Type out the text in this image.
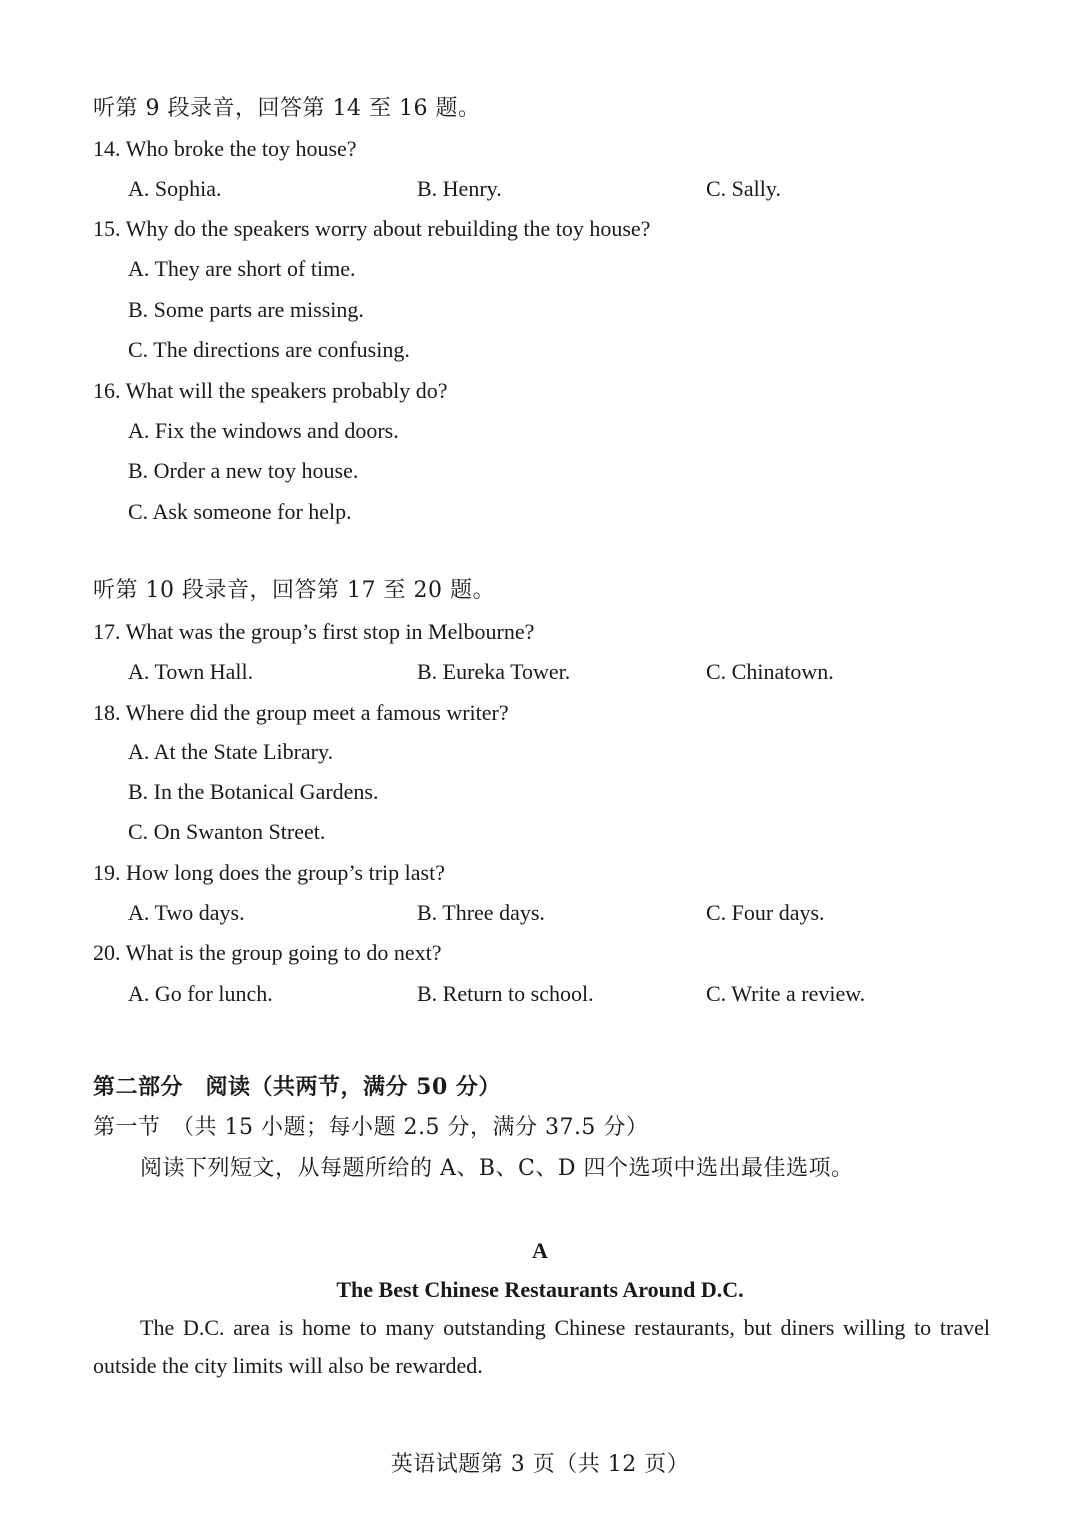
听第 9 段录音，回答第 14 至 16 题。
14. Who broke the toy house?
A. Sophia.	B. Henry.	C. Sally.
15. Why do the speakers worry about rebuilding the toy house?
A. They are short of time.
B. Some parts are missing.
C. The directions are confusing.
16. What will the speakers probably do?
A. Fix the windows and doors.
B. Order a new toy house.
C. Ask someone for help.
听第 10 段录音，回答第 17 至 20 题。
17. What was the group’s first stop in Melbourne?
A. Town Hall.	B. Eureka Tower.	C. Chinatown.
18. Where did the group meet a famous writer?
A. At the State Library.
B. In the Botanical Gardens.
C. On Swanton Street.
19. How long does the group’s trip last?
A. Two days.	B. Three days.	C. Four days.
20. What is the group going to do next?
A. Go for lunch.	B. Return to school.	C. Write a review.
第二部分　阅读（共两节，满分 50 分）
第一节　（共 15 小题；每小题 2.5 分，满分 37.5 分）
阅读下列短文，从每题所给的 A、B、C、D 四个选项中选出最佳选项。
A
The Best Chinese Restaurants Around D.C.
The D.C. area is home to many outstanding Chinese restaurants, but diners willing to travel outside the city limits will also be rewarded.
英语试题第 3 页（共 12 页）
